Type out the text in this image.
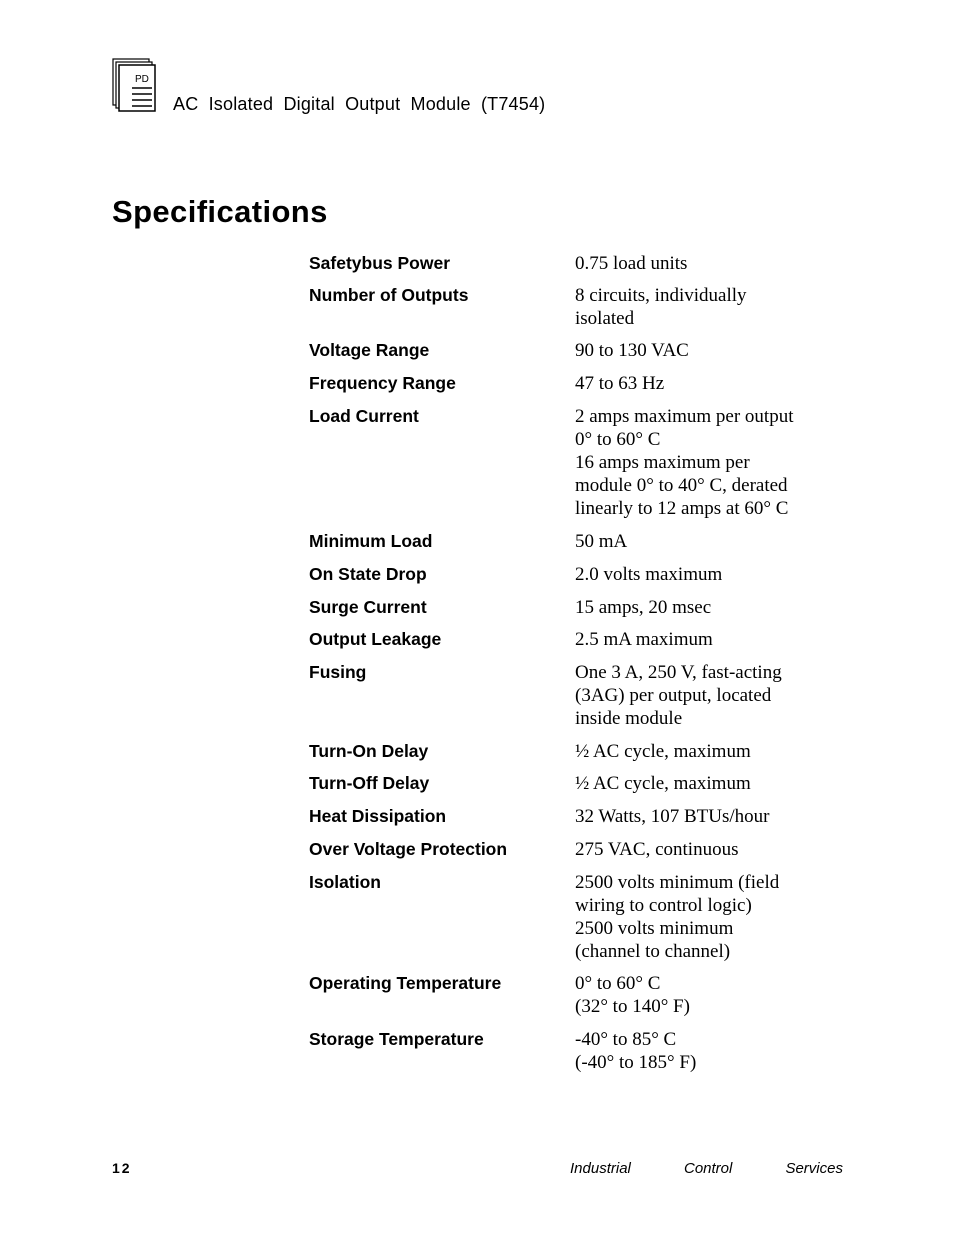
PD
AC Isolated Digital Output Module (T7454)
Specifications
Safetybus Power	0.75 load units
Number of Outputs	8 circuits, individually
isolated
Voltage Range	90 to 130 VAC
Frequency Range	47 to 63 Hz
Load Current	2 amps maximum per output
0° to 60° C
16 amps maximum per
module 0° to 40° C, derated
linearly to 12 amps at 60° C
Minimum Load	50 mA
On State Drop	2.0 volts maximum
Surge Current	15 amps, 20 msec
Output Leakage	2.5 mA maximum
Fusing	One 3 A, 250 V, fast-acting
(3AG) per output, located
inside module
Turn-On Delay	½ AC cycle, maximum
Turn-Off Delay	½ AC cycle, maximum
Heat Dissipation	32 Watts, 107 BTUs/hour
Over Voltage Protection	275 VAC, continuous
Isolation	2500 volts minimum (field
wiring to control logic)
2500 volts minimum
(channel to channel)
Operating Temperature	0° to 60° C
(32° to 140° F)
Storage Temperature	-40° to 85° C
(-40° to 185° F)
12	Industrial	Control	Services
